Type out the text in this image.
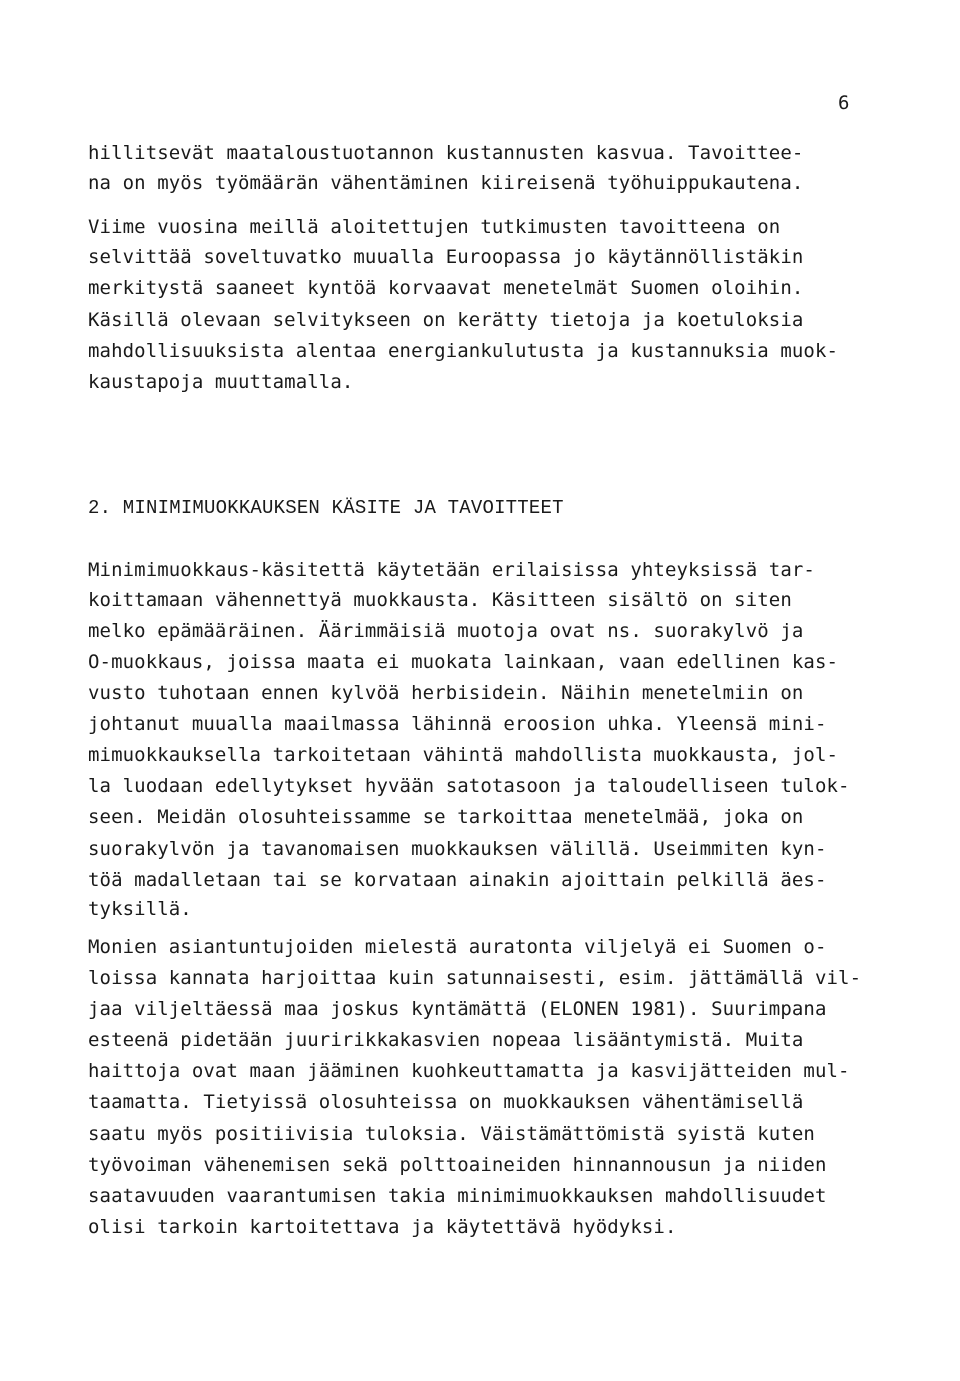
6
hillitsevät maataloustuotannon kustannusten kasvua. Tavoittee-
na on myös työmäärän vähentäminen kiireisenä työhuippukautena.
Viime vuosina meillä aloitettujen tutkimusten tavoitteena on
selvittää soveltuvatko muualla Euroopassa jo käytännöllistäkin
merkitystä saaneet kyntöä korvaavat menetelmät Suomen oloihin.
Käsillä olevaan selvitykseen on kerätty tietoja ja koetuloksia
mahdollisuuksista alentaa energiankulutusta ja kustannuksia muok-
kaustapoja muuttamalla.
2. MINIMIMUOKKAUKSEN KÄSITE JA TAVOITTEET
Minimimuokkaus-käsitettä käytetään erilaisissa yhteyksissä tar-
koittamaan vähennettyä muokkausta. Käsitteen sisältö on siten
melko epämääräinen. Äärimmäisiä muotoja ovat ns. suorakylvö ja
O-muokkaus, joissa maata ei muokata lainkaan, vaan edellinen kas-
vusto tuhotaan ennen kylvöä herbisidein. Näihin menetelmiin on
johtanut muualla maailmassa lähinnä eroosion uhka. Yleensä mini-
mimuokkauksella tarkoitetaan vähintä mahdollista muokkausta, jol-
la luodaan edellytykset hyvään satotasoon ja taloudelliseen tulok-
seen. Meidän olosuhteissamme se tarkoittaa menetelmää, joka on
suorakylvön ja tavanomaisen muokkauksen välillä. Useimmiten kyn-
töä madalletaan tai se korvataan ainakin ajoittain pelkillä äes-
tyksillä.
Monien asiantuntujoiden mielestä auratonta viljelyä ei Suomen o-
loissa kannata harjoittaa kuin satunnaisesti, esim. jättämällä vil-
jaa viljeltäessä maa joskus kyntämättä (ELONEN 1981). Suurimpana
esteenä pidetään juuririkkakasvien nopeaa lisääntymistä. Muita
haittoja ovat maan jääminen kuohkeuttamatta ja kasvijätteiden mul-
taamatta. Tietyissä olosuhteissa on muokkauksen vähentämisellä
saatu myös positiivisia tuloksia. Väistämättömistä syistä kuten
työvoiman vähenemisen sekä polttoaineiden hinnannousun ja niiden
saatavuuden vaarantumisen takia minimimuokkauksen mahdollisuudet
olisi tarkoin kartoitettava ja käytettävä hyödyksi.
